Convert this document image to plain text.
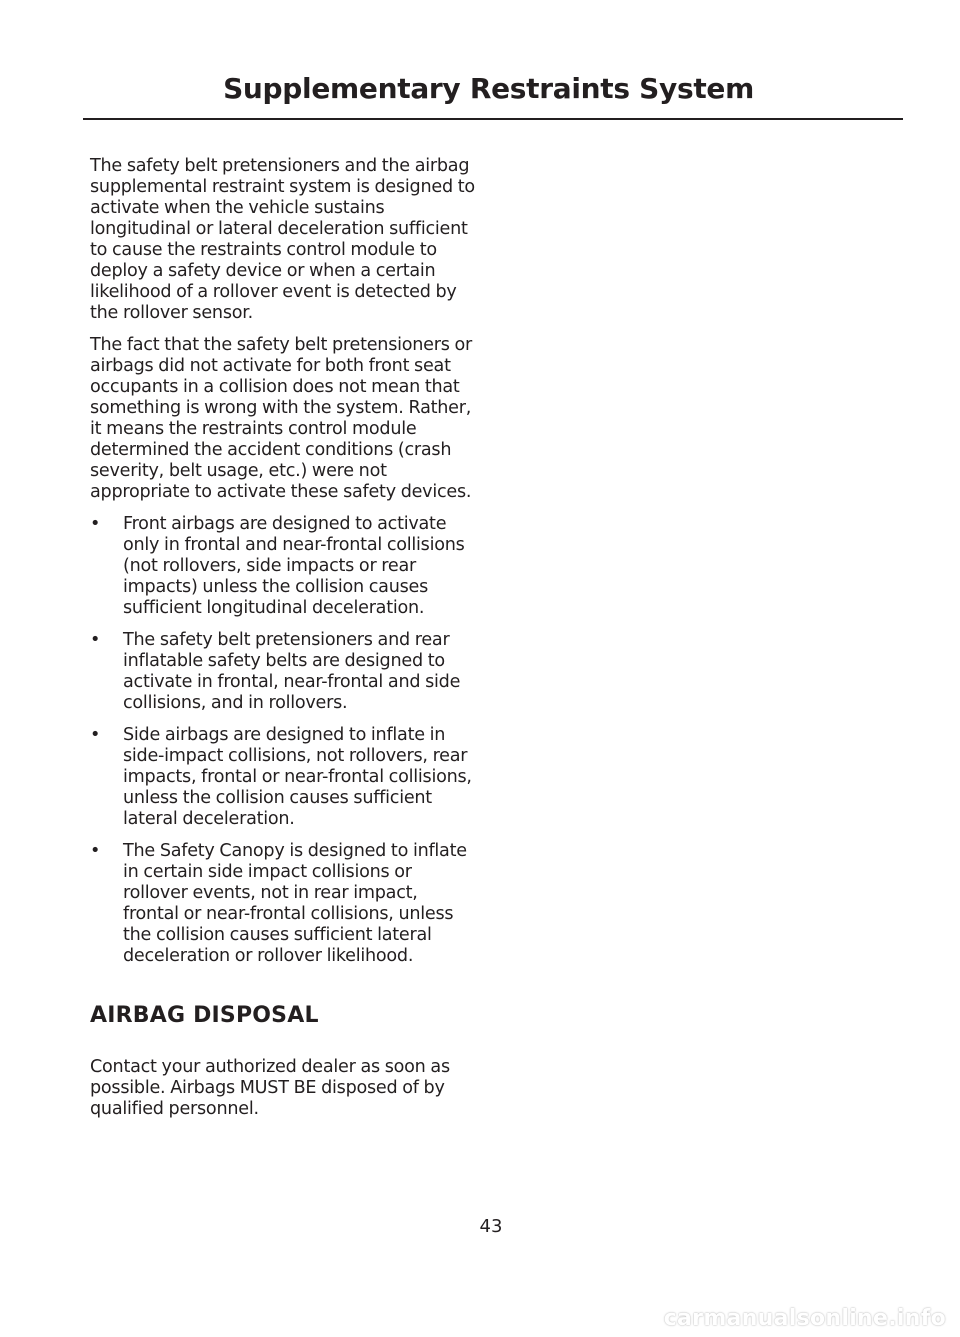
Supplementary Restraints System

The safety belt pretensioners and the airbag supplemental restraint system is designed to activate when the vehicle sustains longitudinal or lateral deceleration sufficient to cause the restraints control module to deploy a safety device or when a certain likelihood of a rollover event is detected by the rollover sensor.

The fact that the safety belt pretensioners or airbags did not activate for both front seat occupants in a collision does not mean that something is wrong with the system. Rather, it means the restraints control module determined the accident conditions (crash severity, belt usage, etc.) were not appropriate to activate these safety devices.

• Front airbags are designed to activate only in frontal and near-frontal collisions (not rollovers, side impacts or rear impacts) unless the collision causes sufficient longitudinal deceleration.
• The safety belt pretensioners and rear inflatable safety belts are designed to activate in frontal, near-frontal and side collisions, and in rollovers.
• Side airbags are designed to inflate in side-impact collisions, not rollovers, rear impacts, frontal or near-frontal collisions, unless the collision causes sufficient lateral deceleration.
• The Safety Canopy is designed to inflate in certain side impact collisions or rollover events, not in rear impact, frontal or near-frontal collisions, unless the collision causes sufficient lateral deceleration or rollover likelihood.
AIRBAG DISPOSAL

Contact your authorized dealer as soon as possible. Airbags MUST BE disposed of by qualified personnel.

43
carmanualsonline.info
